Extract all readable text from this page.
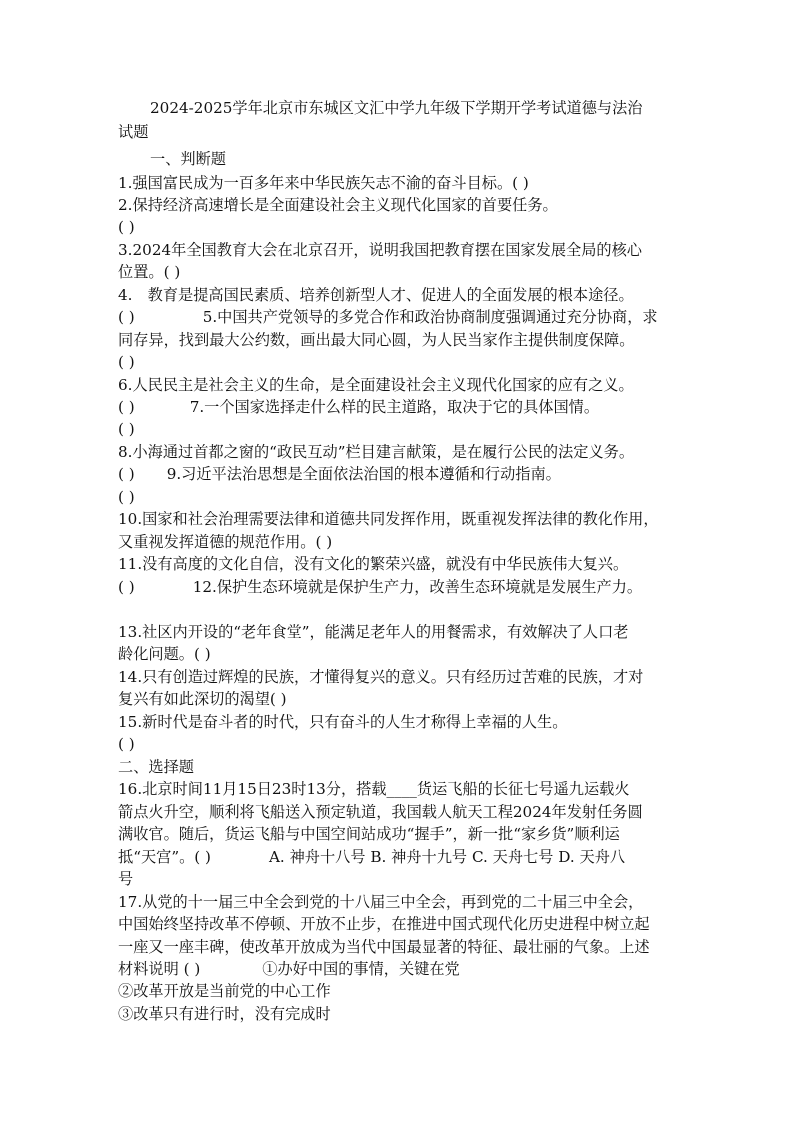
2024-2025学年北京市东城区文汇中学九年级下学期开学考试道德与法治
试题
一、判断题
1.强国富民成为一百多年来中华民族矢志不渝的奋斗目标。( )
2.保持经济高速增长是全面建设社会主义现代化国家的首要任务。
( )
3.2024年全国教育大会在北京召开，说明我国把教育摆在国家发展全局的核心
位置。( )
4.　教育是提高国民素质、培养创新型人才、促进人的全面发展的根本途径。
( )	5.中国共产党领导的多党合作和政治协商制度强调通过充分协商，求
同存异，找到最大公约数，画出最大同心圆，为人民当家作主提供制度保障。
( )
6.人民民主是社会主义的生命，是全面建设社会主义现代化国家的应有之义。
( )	7.一个国家选择走什么样的民主道路，取决于它的具体国情。
( )
8.小海通过首都之窗的“政民互动”栏目建言献策，是在履行公民的法定义务。
( ) 9.习近平法治思想是全面依法治国的根本遵循和行动指南。
( )
10.国家和社会治理需要法律和道德共同发挥作用，既重视发挥法律的教化作用，
又重视发挥道德的规范作用。( )
11.没有高度的文化自信，没有文化的繁荣兴盛，就没有中华民族伟大复兴。
( )	12.保护生态环境就是保护生产力，改善生态环境就是发展生产力。
13.社区内开设的“老年食堂”，能满足老年人的用餐需求，有效解决了人口老
龄化问题。( )
14.只有创造过辉煌的民族，才懂得复兴的意义。只有经历过苦难的民族，才对
复兴有如此深切的渴望( )
15.新时代是奋斗者的时代，只有奋斗的人生才称得上幸福的人生。
( )
二、选择题
16.北京时间11月15日23时13分，搭载____货运飞船的长征七号遥九运载火
箭点火升空，顺利将飞船送入预定轨道，我国载人航天工程2024年发射任务圆
满收官。随后，货运飞船与中国空间站成功“握手”，新一批“家乡货”顺利运
抵“天宫”。( )	A. 神舟十八号 B. 神舟十九号 C. 天舟七号 D. 天舟八
号
17.从党的十一届三中全会到党的十八届三中全会，再到党的二十届三中全会，
中国始终坚持改革不停顿、开放不止步，在推进中国式现代化历史进程中树立起
一座又一座丰碑，使改革开放成为当代中国最显著的特征、最壮丽的气象。上述
材料说明 ( )	①办好中国的事情，关键在党
②改革开放是当前党的中心工作
③改革只有进行时，没有完成时
